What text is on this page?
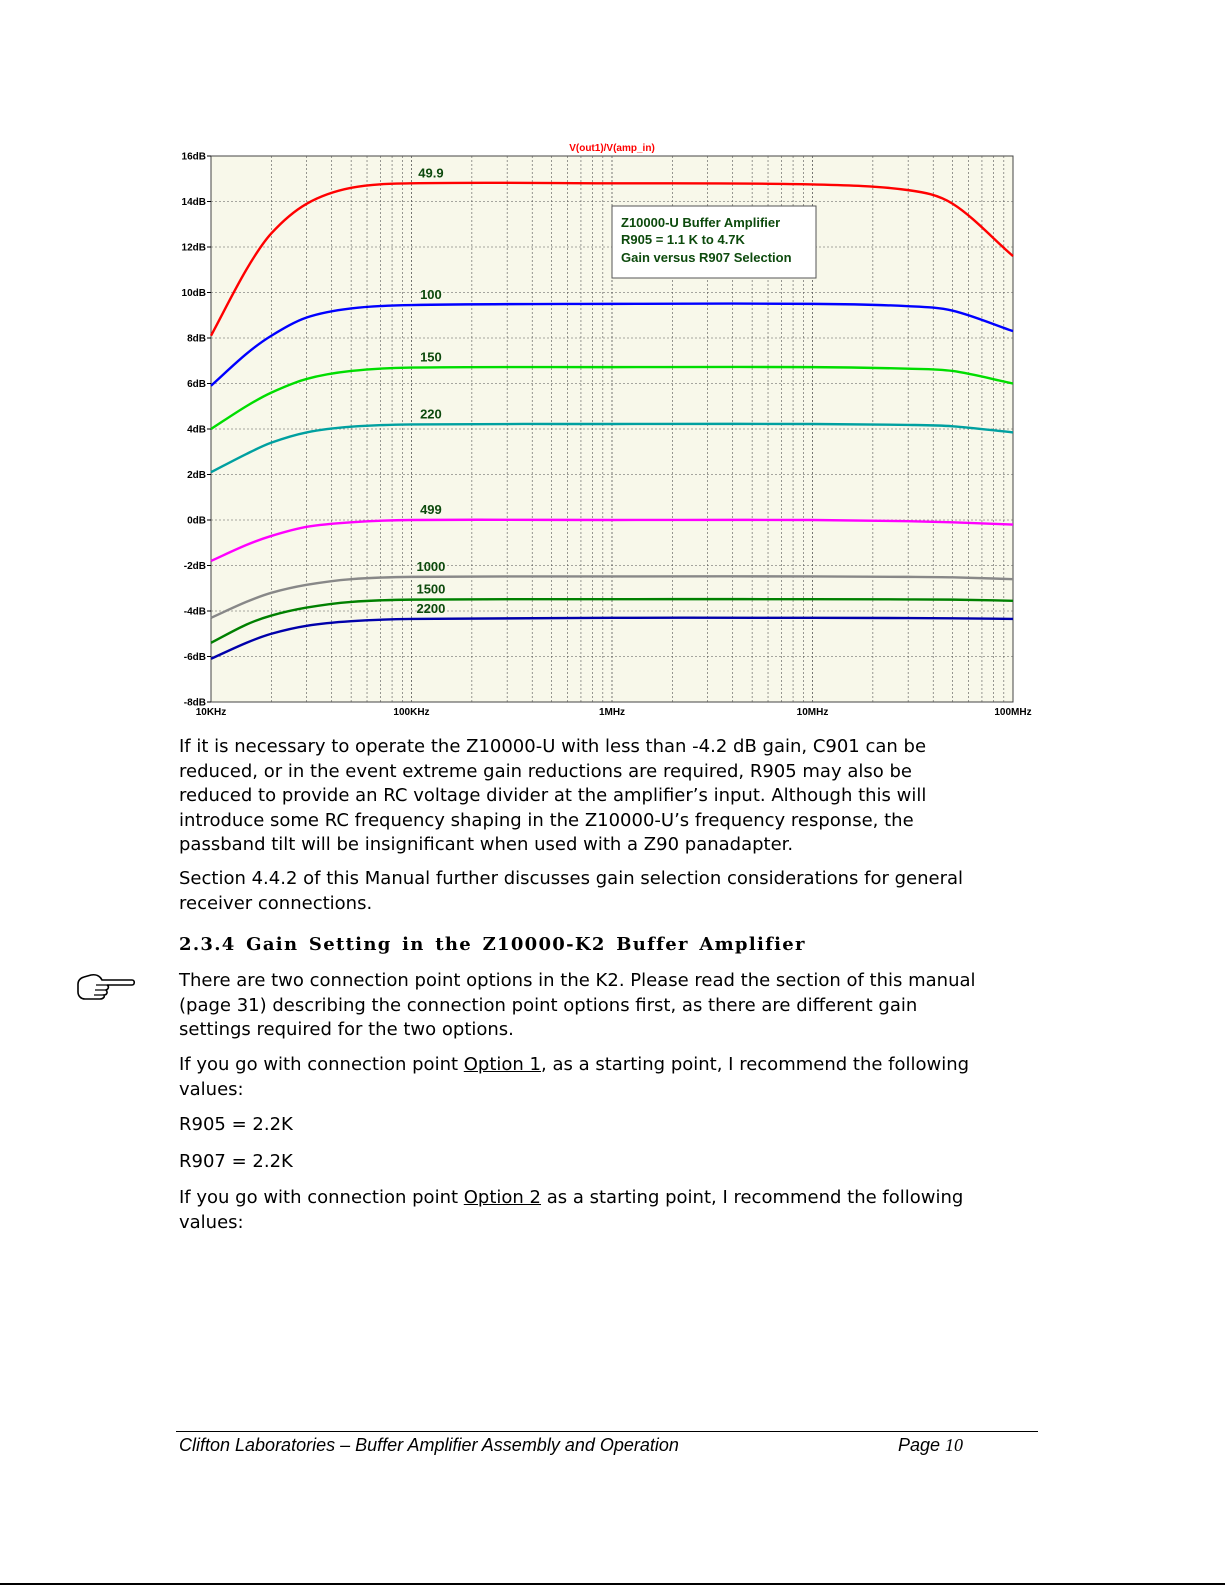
16dB
14dB
12dB
10dB
8dB
6dB
4dB
2dB
0dB
-2dB
-4dB
-6dB
-8dB
10KHz	100KHz	1MHz	10MHz	100MHz
49.9
100
150
220
499
1000
1500
2200
V(out1)/V(amp_in)
Z10000-U Buffer Amplifier
R905 = 1.1 K to 4.7K
Gain versus R907 Selection

If it is necessary to operate the Z10000-U with less than -4.2 dB gain, C901 can be
reduced, or in the event extreme gain reductions are required, R905 may also be
reduced to provide an RC voltage divider at the amplifier’s input. Although this will
introduce some RC frequency shaping in the Z10000-U’s frequency response, the
passband tilt will be insignificant when used with a Z90 panadapter.

Section 4.4.2 of this Manual further discusses gain selection considerations for general
receiver connections.

2.3.4 Gain Setting in the Z10000-K2 Buffer Amplifier

There are two connection point options in the K2. Please read the section of this manual
(page 31) describing the connection point options first, as there are different gain
settings required for the two options.

If you go with connection point Option 1, as a starting point, I recommend the following
values:

R905 = 2.2K

R907 = 2.2K

If you go with connection point Option 2 as a starting point, I recommend the following
values:

Clifton Laboratories – Buffer Amplifier Assembly and Operation	Page 10
